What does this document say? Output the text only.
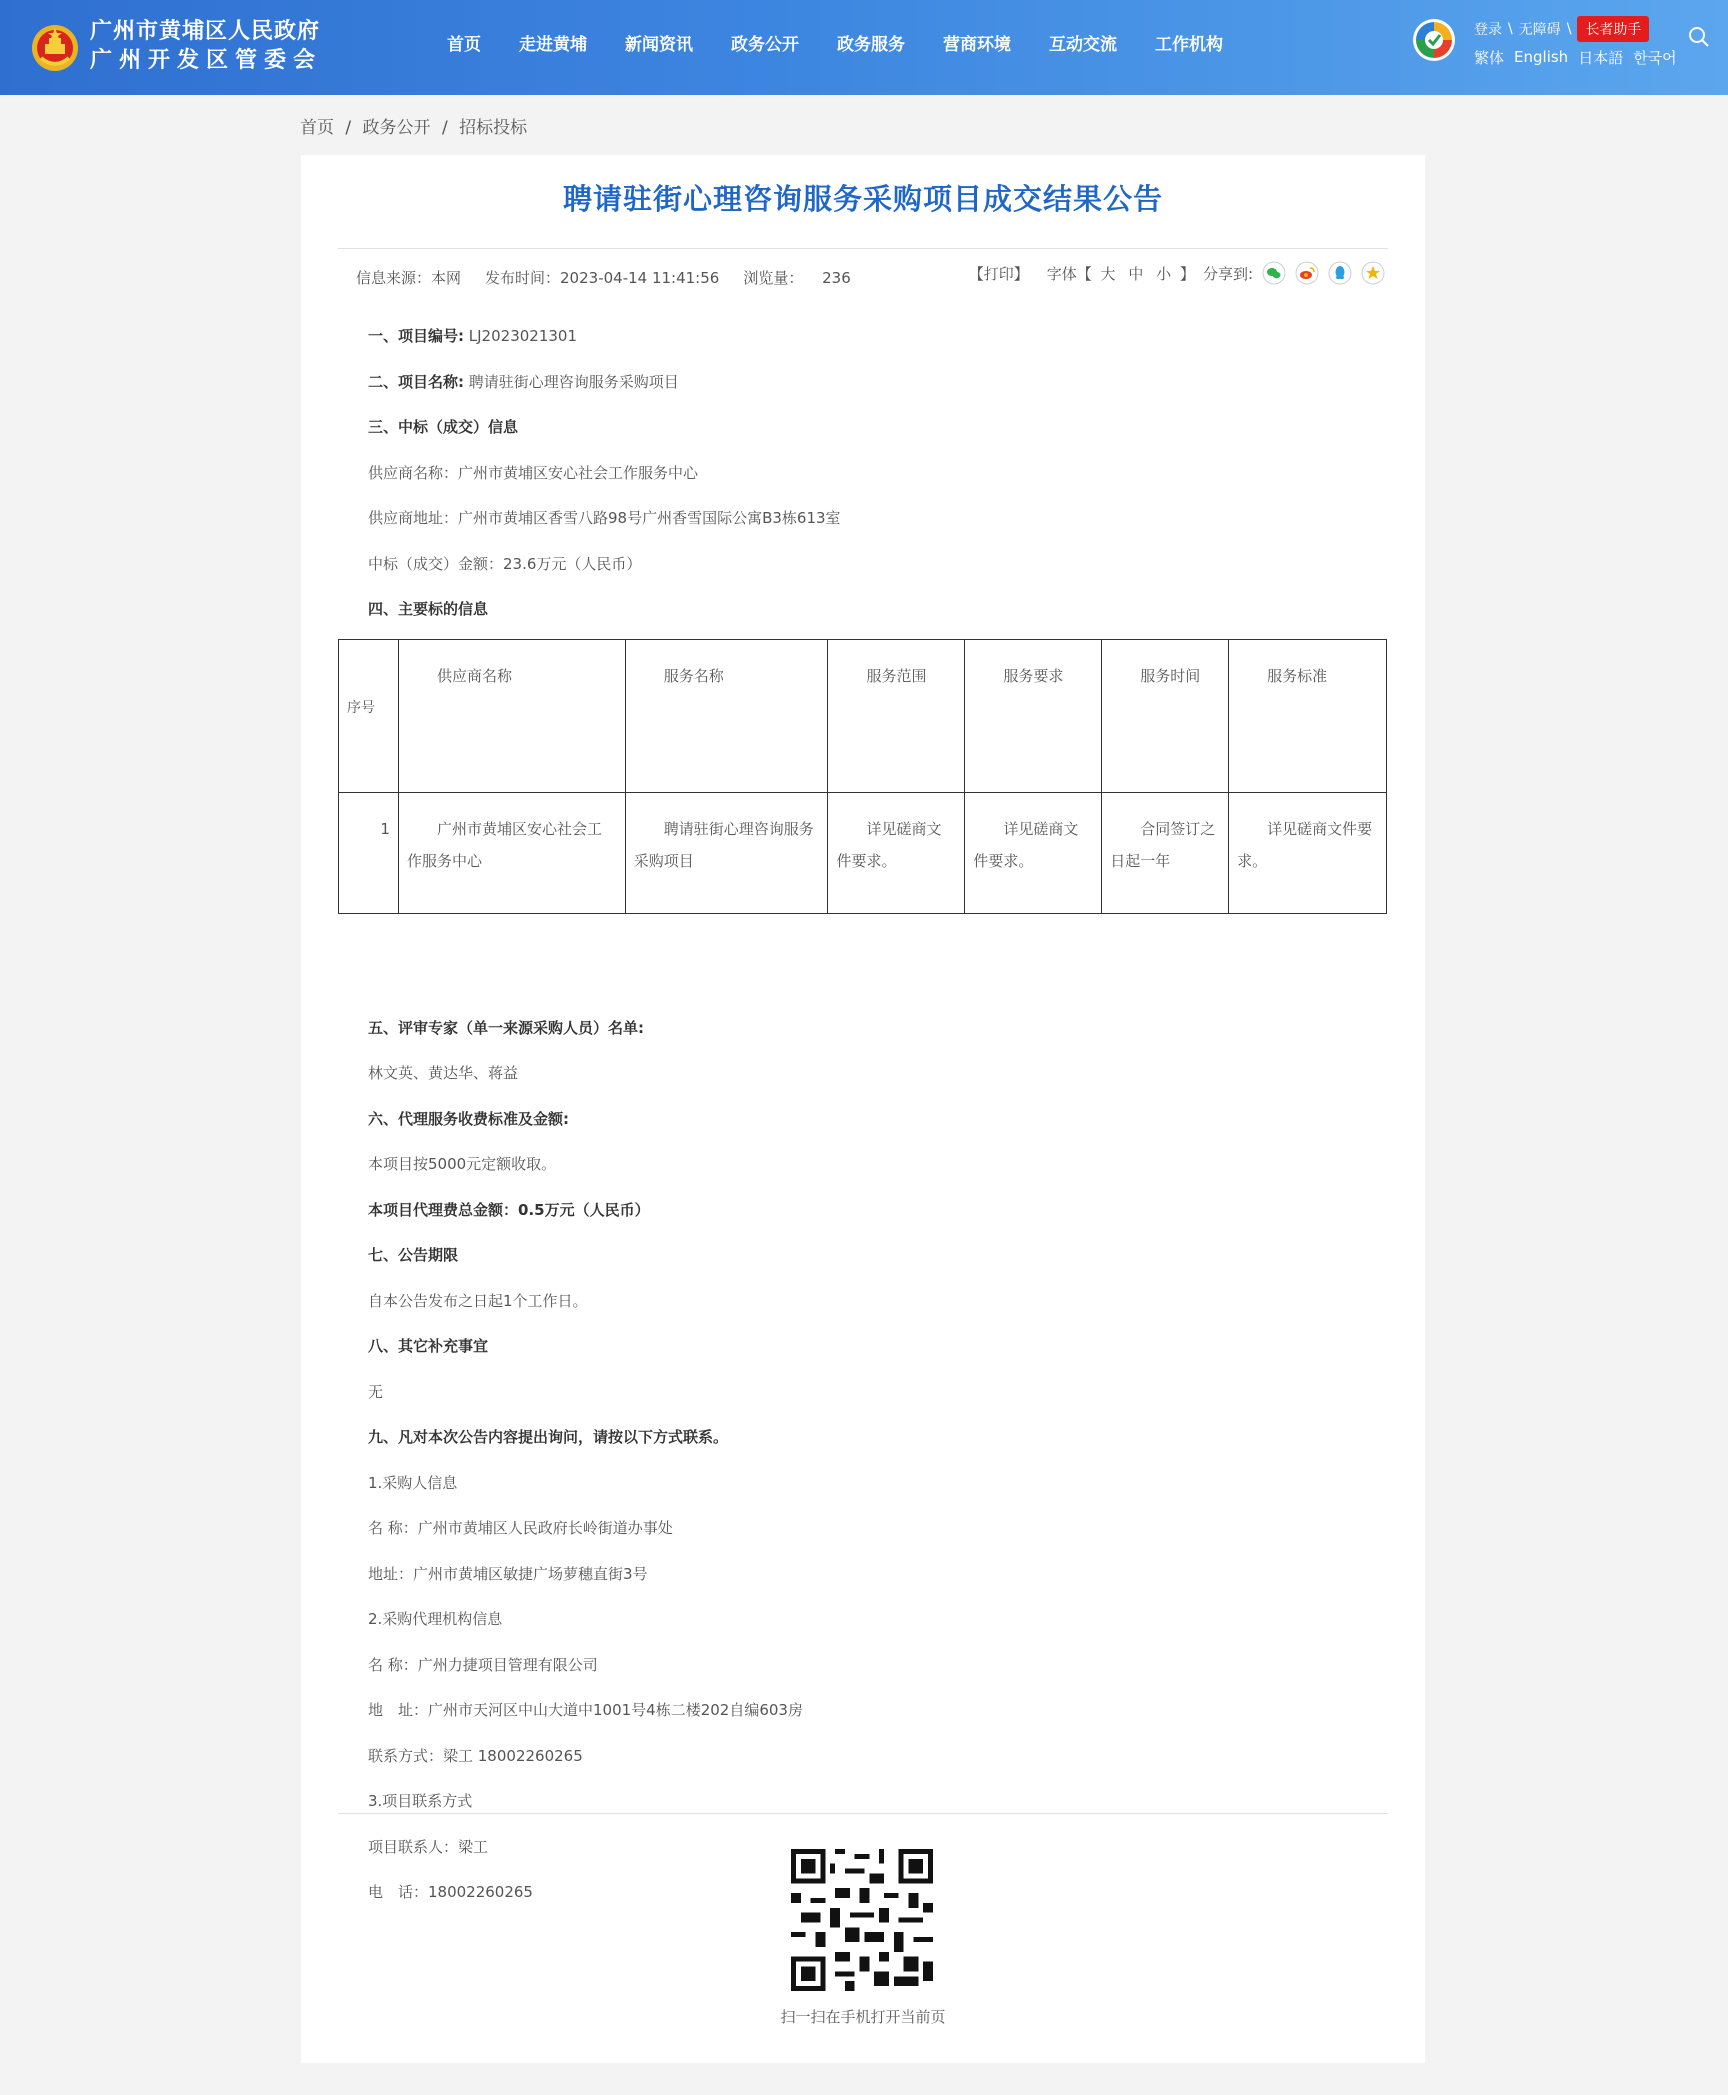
广州市黄埔区人民政府
广州开发区管委会
首页	走进黄埔	新闻资讯	政务公开	政务服务	营商环境	互动交流	工作机构
登录 \ 无障碍 \	长者助手
繁体 English 日本語 한국어
首页 / 政务公开 / 招标投标
聘请驻街心理咨询服务采购项目成交结果公告
信息来源：本网 发布时间：2023-04-14 11:41:56 浏览量： 236	【打印】 字体【 大 中 小 】 分享到:
一、项目编号: LJ2023021301
二、项目名称: 聘请驻街心理咨询服务采购项目
三、中标（成交）信息
供应商名称：广州市黄埔区安心社会工作服务中心
供应商地址：广州市黄埔区香雪八路98号广州香雪国际公寓B3栋613室
中标（成交）金额：23.6万元（人民币）
四、主要标的信息
五、评审专家（单一来源采购人员）名单:
林文英、黄达华、蒋益
六、代理服务收费标准及金额:
本项目按5000元定额收取。
本项目代理费总金额：0.5万元（人民币）
七、公告期限
自本公告发布之日起1个工作日。
八、其它补充事宜
无
九、凡对本次公告内容提出询问，请按以下方式联系。
1.采购人信息
名 称：广州市黄埔区人民政府长岭街道办事处
地址：广州市黄埔区敏捷广场萝穗直街3号
2.采购代理机构信息
名 称：广州力捷项目管理有限公司
地　址：广州市天河区中山大道中1001号4栋二楼202自编603房
联系方式：梁工 18002260265
3.项目联系方式
项目联系人：梁工
电　话：18002260265
序号	供应商名称	服务名称	服务范围	服务要求	服务时间	服务标准
1	广州市黄埔区安心社会工作服务中心	聘请驻街心理咨询服务采购项目	详见磋商文件要求。	详见磋商文件要求。	合同签订之日起一年	详见磋商文件要求。
扫一扫在手机打开当前页
